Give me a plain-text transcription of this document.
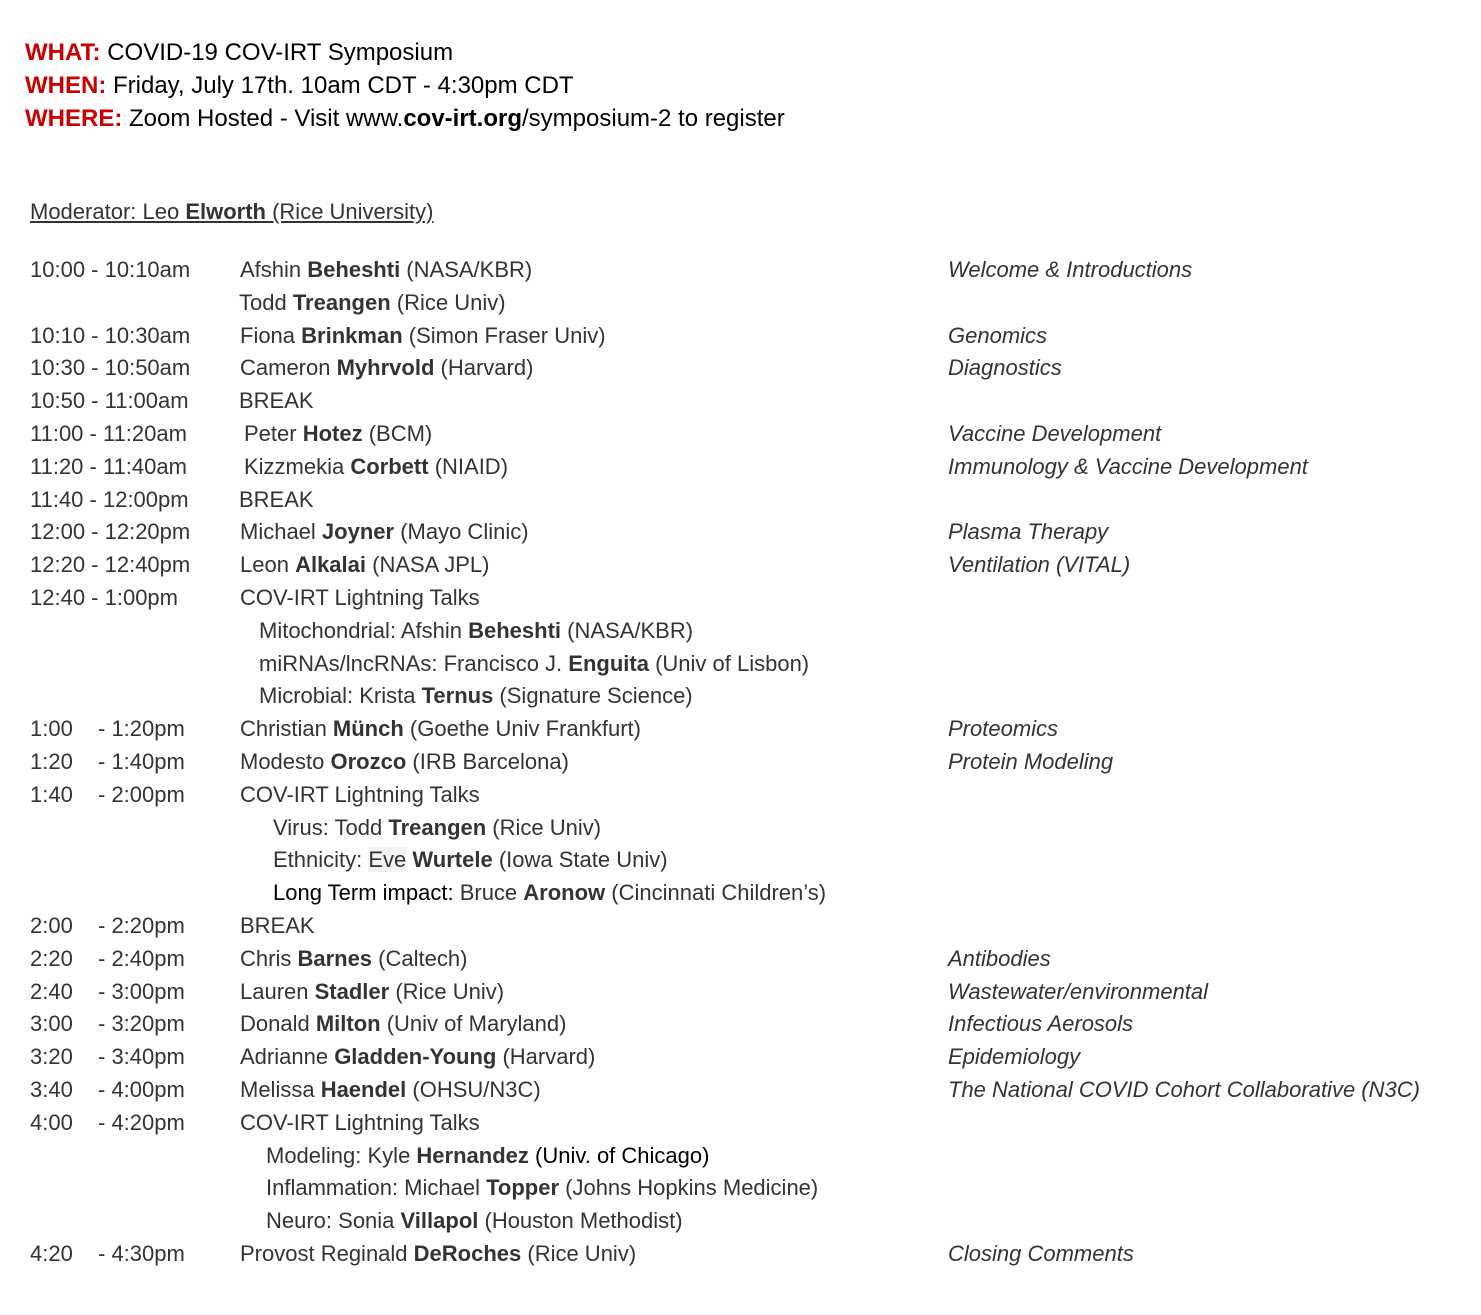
WHAT: COVID-19 COV-IRT Symposium
WHEN: Friday, July 17th. 10am CDT - 4:30pm CDT
WHERE: Zoom Hosted - Visit www.cov-irt.org/symposium-2 to register
Moderator: Leo Elworth (Rice University)
10:00 - 10:10am Afshin Beheshti (NASA/KBR)	Welcome & Introductions
Todd Treangen (Rice Univ)
10:10 - 10:30am Fiona Brinkman (Simon Fraser Univ)	Genomics
10:30 - 10:50am Cameron Myhrvold (Harvard)	Diagnostics
10:50 - 11:00am BREAK
11:00 - 11:20am	Peter Hotez (BCM)	Vaccine Development
11:20 - 11:40am	Kizzmekia Corbett (NIAID)	Immunology & Vaccine Development
11:40 - 12:00pm BREAK
12:00 - 12:20pm Michael Joyner (Mayo Clinic)	Plasma Therapy
12:20 - 12:40pm Leon Alkalai (NASA JPL)	Ventilation (VITAL)
12:40 - 1:00pm	COV-IRT Lightning Talks
Mitochondrial: Afshin Beheshti (NASA/KBR)
miRNAs/lncRNAs: Francisco J. Enguita (Univ of Lisbon)
Microbial: Krista Ternus (Signature Science)
1:00 - 1:20pm	Christian Münch (Goethe Univ Frankfurt)	Proteomics
1:20 - 1:40pm	Modesto Orozco (IRB Barcelona)	Protein Modeling
1:40 - 2:00pm	COV-IRT Lightning Talks
Virus: Todd Treangen (Rice Univ)
Ethnicity: Eve Wurtele (Iowa State Univ)
Long Term impact: Bruce Aronow (Cincinnati Children’s)
2:00 - 2:20pm	BREAK
2:20 - 2:40pm	Chris Barnes (Caltech)	Antibodies
2:40 - 3:00pm	Lauren Stadler (Rice Univ)	Wastewater/environmental
3:00 - 3:20pm	Donald Milton (Univ of Maryland)	Infectious Aerosols
3:20 - 3:40pm	Adrianne Gladden-Young (Harvard)	Epidemiology
3:40 - 4:00pm	Melissa Haendel (OHSU/N3C)	The National COVID Cohort Collaborative (N3C)
4:00 - 4:20pm	COV-IRT Lightning Talks
Modeling: Kyle Hernandez (Univ. of Chicago)
Inflammation: Michael Topper (Johns Hopkins Medicine)
Neuro: Sonia Villapol (Houston Methodist)
4:20 - 4:30pm	Provost Reginald DeRoches (Rice Univ)	Closing Comments
